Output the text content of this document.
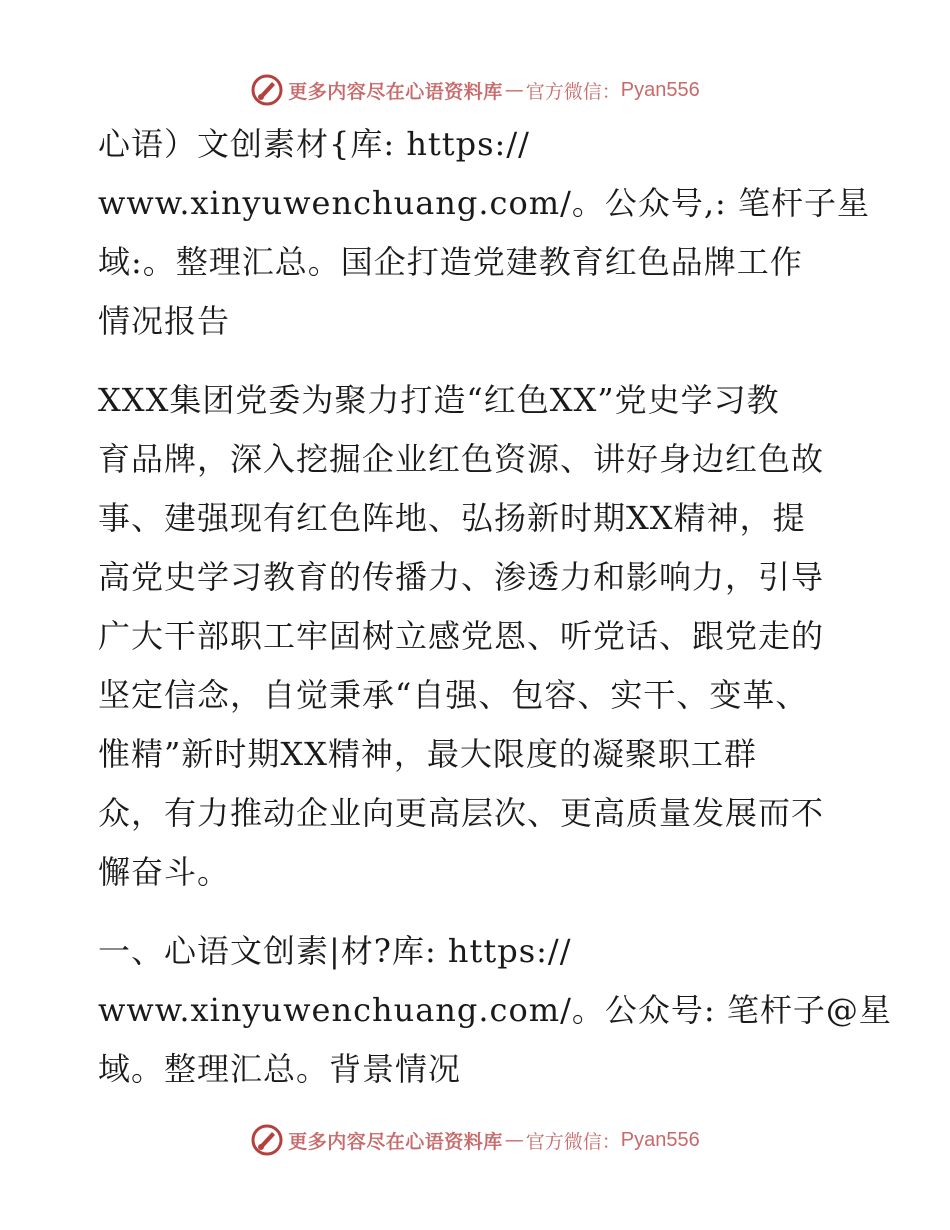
更多内容尽在心语资料库 — 官方微信： Pyan556

心语）文创素材{库: https://
www.xinyuwenchuang.com/。公众号,: 笔杆子星
域:。整理汇总。国企打造党建教育红色品牌工作
情况报告

XXX集团党委为聚力打造“红色XX”党史学习教
育品牌，深入挖掘企业红色资源、讲好身边红色故
事、建强现有红色阵地、弘扬新时期XX精神，提
高党史学习教育的传播力、渗透力和影响力，引导
广大干部职工牢固树立感党恩、听党话、跟党走的
坚定信念，自觉秉承“自强、包容、实干、变革、
惟精”新时期XX精神，最大限度的凝聚职工群
众，有力推动企业向更高层次、更高质量发展而不
懈奋斗。

一、心语文创素|材?库: https://
www.xinyuwenchuang.com/。公众号: 笔杆子@星
域。整理汇总。背景情况

更多内容尽在心语资料库 — 官方微信： Pyan556
